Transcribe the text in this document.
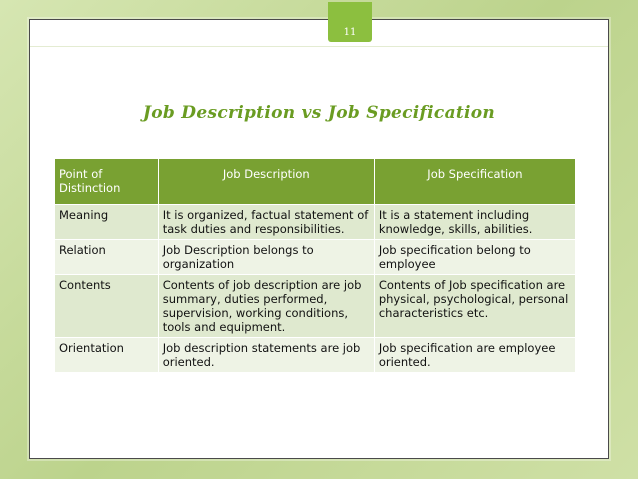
11
Job Description vs Job Specification
Point of Distinction	Job Description	Job Specification
Meaning	It is organized, factual statement of task duties and responsibilities.	It is a statement including knowledge, skills, abilities.
Relation	Job Description belongs to organization	Job specification belong to employee
Contents	Contents of job description are job summary, duties performed, supervision, working conditions, tools and equipment.	Contents of Job specification are physical, psychological, personal characteristics etc.
Orientation	Job description statements are job oriented.	Job specification are employee oriented.
